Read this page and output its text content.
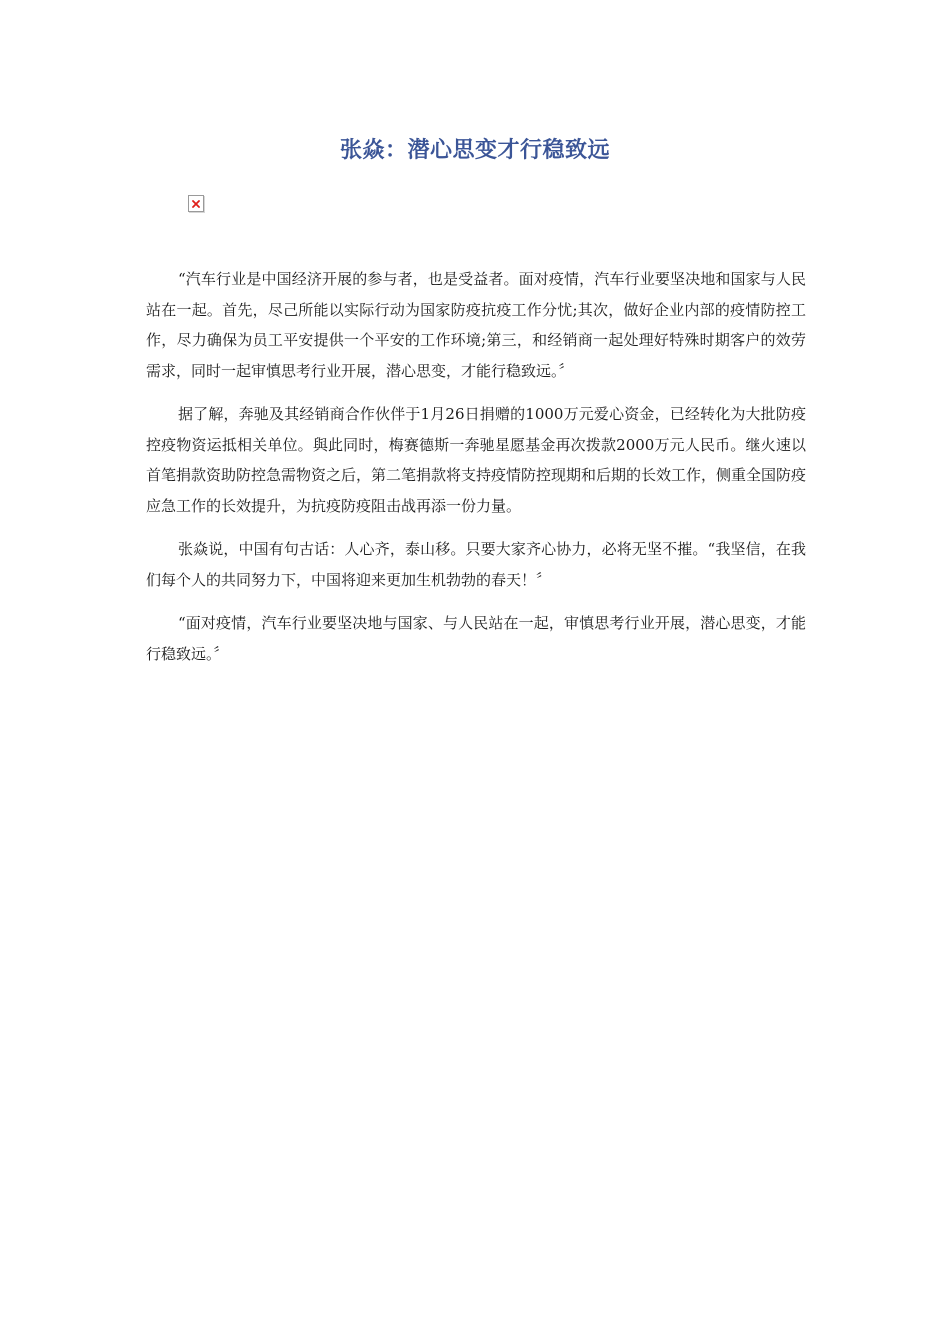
张焱：潜心思变才行稳致远

“汽车行业是中国经济开展的参与者，也是受益者。面对疫情，汽车行业要坚决地和国家与人民站在一起。首先，尽己所能以实际行动为国家防疫抗疫工作分忧;其次，做好企业内部的疫情防控工作，尽力确保为员工平安提供一个平安的工作环境;第三，和经销商一起处理好特殊时期客户的效劳需求，同时一起审慎思考行业开展，潜心思变，才能行稳致远。〞

据了解，奔驰及其经销商合作伙伴于1月26日捐赠的1000万元爱心资金，已经转化为大批防疫控疫物资运抵相关单位。與此同时，梅赛德斯一奔驰星愿基金再次拨款2000万元人民币。继火速以首笔捐款资助防控急需物资之后，第二笔捐款将支持疫情防控现期和后期的长效工作，侧重全国防疫应急工作的长效提升，为抗疫防疫阻击战再添一份力量。

张焱说，中国有句古话：人心齐，泰山移。只要大家齐心协力，必将无坚不摧。“我坚信，在我们每个人的共同努力下，中国将迎来更加生机勃勃的春天！〞

“面对疫情，汽车行业要坚决地与国家、与人民站在一起，审慎思考行业开展，潜心思变，才能行稳致远。〞
